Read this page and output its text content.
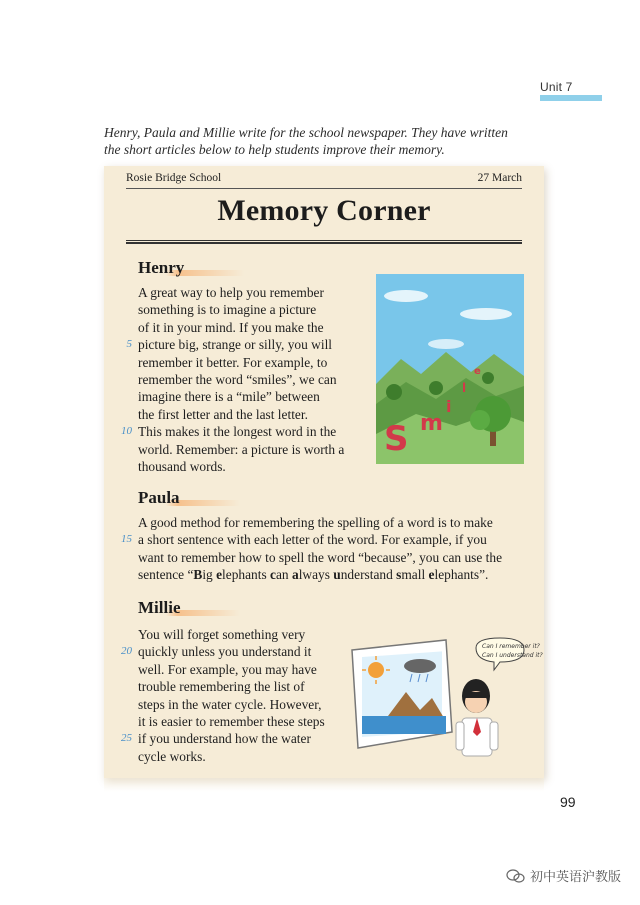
Unit 7
Henry, Paula and Millie write for the school newspaper. They have written
the short articles below to help students improve their memory.
Rosie Bridge School	27 March
Memory Corner
Henry
A great way to help you remember
something is to imagine a picture
of it in your mind. If you make the
5 picture big, strange or silly, you will
remember it better. For example, to
remember the word “smiles”, we can
imagine there is a “mile” between
the first letter and the last letter.
10 This makes it the longest word in the
world. Remember: a picture is worth a
thousand words.
S m
i
l
e
Paula
A good method for remembering the spelling of a word is to make
15 a short sentence with each letter of the word. For example, if you
want to remember how to spell the word “because”, you can use the
sentence “Big elephants can always understand small elephants”.
Millie
You will forget something very
20 quickly unless you understand it
well. For example, you may have
trouble remembering the list of
steps in the water cycle. However,
it is easier to remember these steps
25 if you understand how the water
cycle works.
Can I remember it?
Can I understand it?
99
初中英语沪教版
